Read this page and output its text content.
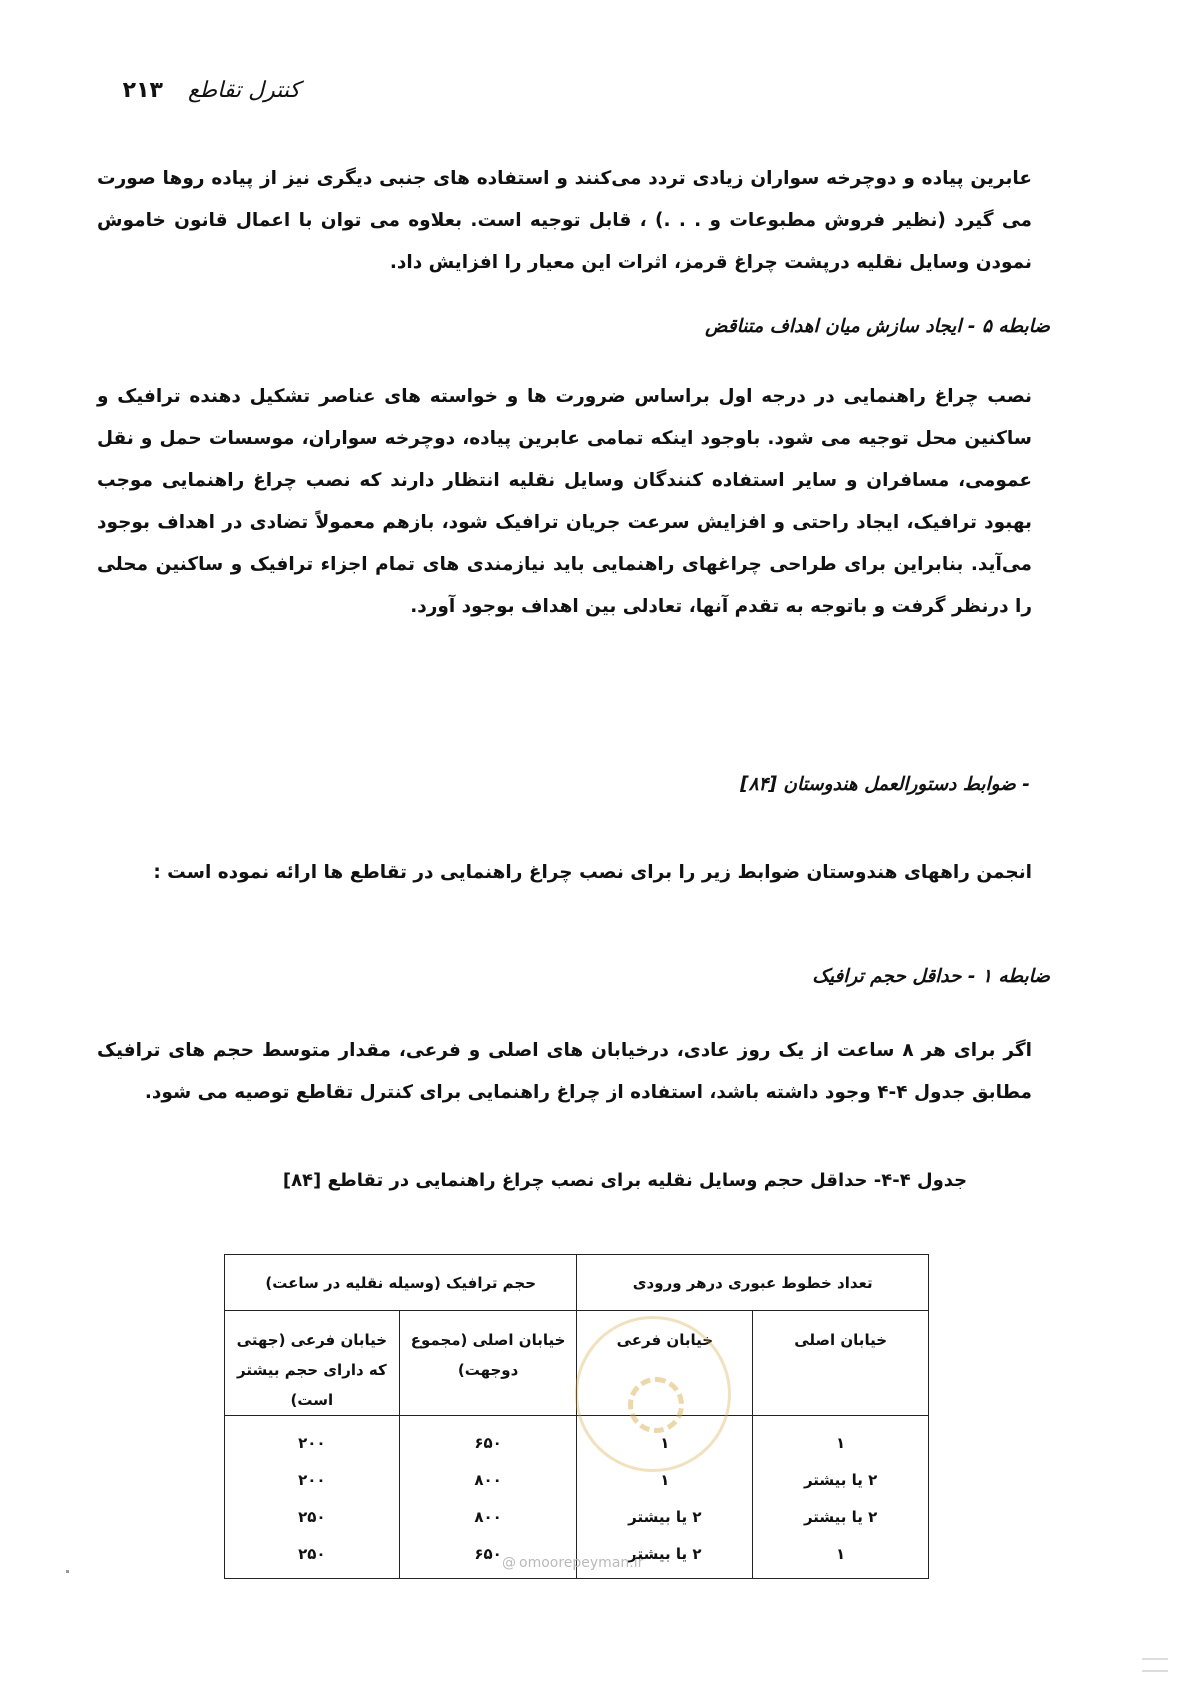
کنترل تقاطع ۲۱۳
عابرین پیاده و دوچرخه سواران زیادی تردد می‌کنند و استفاده های جنبی دیگری نیز از پیاده روها صورت می گیرد (نظیر فروش مطبوعات و . . .) ، قابل توجیه است. بعلاوه می توان با اعمال قانون خاموش نمودن وسایل نقلیه درپشت چراغ قرمز، اثرات این معیار را افزایش داد.
ضابطه ۵ - ایجاد سازش میان اهداف متناقض
نصب چراغ راهنمایی در درجه اول براساس ضرورت ها و خواسته های عناصر تشکیل دهنده ترافیک و ساکنین محل توجیه می شود. باوجود اینکه تمامی عابرین پیاده، دوچرخه سواران، موسسات حمل و نقل عمومی، مسافران و سایر استفاده کنندگان وسایل نقلیه انتظار دارند که نصب چراغ راهنمایی موجب بهبود ترافیک، ایجاد راحتی و افزایش سرعت جریان ترافیک شود، بازهم معمولاً تضادی در اهداف بوجود می‌آید. بنابراین برای طراحی چراغهای راهنمایی باید نیازمندی های تمام اجزاء ترافیک و ساکنین محلی را درنظر گرفت و باتوجه به تقدم آنها، تعادلی بین اهداف بوجود آورد.
- ضوابط دستورالعمل هندوستان [۸۴]
انجمن راههای هندوستان ضوابط زیر را برای نصب چراغ راهنمایی در تقاطع ها ارائه نموده است :
ضابطه ۱ - حداقل حجم ترافیک
اگر برای هر ۸ ساعت از یک روز عادی، درخیابان های اصلی و فرعی، مقدار متوسط حجم های ترافیک مطابق جدول ۴-۴ وجود داشته باشد، استفاده از چراغ راهنمایی برای کنترل تقاطع توصیه می شود.
جدول ۴-۴- حداقل حجم وسایل نقلیه برای نصب چراغ راهنمایی در تقاطع [۸۴]
تعداد خطوط عبوری درهر ورودی		حجم ترافیک (وسیله نقلیه در ساعت)	
خیابان اصلی	خیابان فرعی	خیابان اصلی (مجموع دوجهت)	خیابان فرعی (جهتی که دارای حجم بیشتر است)
۱	۱	۶۵۰	۲۰۰
۲ یا بیشتر	۱	۸۰۰	۲۰۰
۲ یا بیشتر	۲ یا بیشتر	۸۰۰	۲۵۰
۱	۲ یا بیشتر	۶۵۰	۲۵۰
@ omoorepeyman.ir
